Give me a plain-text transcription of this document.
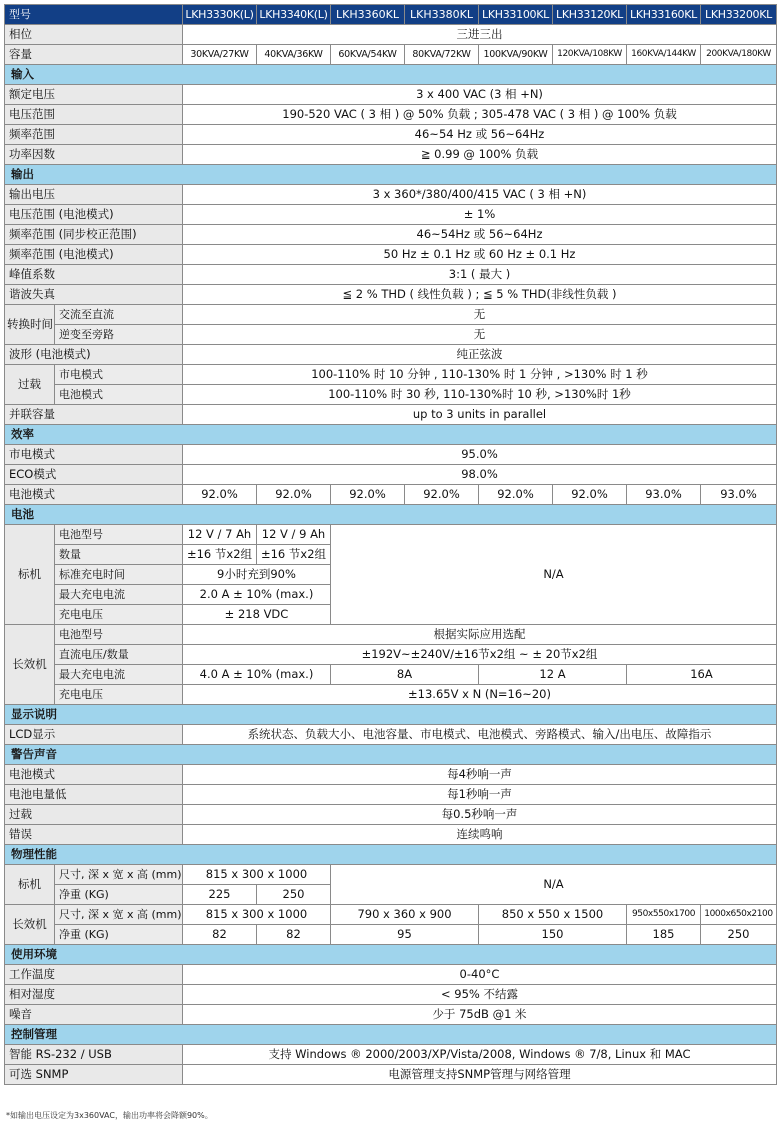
型号		LKH3330K(L)	LKH3340K(L)	LKH3360KL	LKH3380KL	LKH33100KL	LKH33120KL	LKH33160KL	LKH33200KL
相位		三进三出							
容量		30KVA/27KW	40KVA/36KW	60KVA/54KW	80KVA/72KW	100KVA/90KW	120KVA/108KW	160KVA/144KW	200KVA/180KW
输入									
额定电压		3 x 400 VAC (3 相 +N)							
电压范围		190-520 VAC ( 3 相 ) @ 50% 负载 ; 305-478 VAC ( 3 相 ) @ 100% 负载							
频率范围		46~54 Hz 或 56~64Hz							
功率因数		≧ 0.99 @ 100% 负载							
输出									
输出电压		3 x 360*/380/400/415 VAC ( 3 相 +N)							
电压范围 (电池模式)		± 1%							
频率范围 (同步校正范围)		46~54Hz 或 56~64Hz							
频率范围 (电池模式)		50 Hz ± 0.1 Hz 或 60 Hz ± 0.1 Hz							
峰值系数		3:1 ( 最大 )							
谐波失真		≦ 2 % THD ( 线性负载 ) ; ≦ 5 % THD(非线性负载 )							
转换时间	交流至直流	无							
	逆变至旁路	无							
波形 (电池模式)		纯正弦波							
过载	市电模式	100-110% 时 10 分钟 , 110-130% 时 1 分钟 , >130% 时 1 秒							
	电池模式	100-110% 时 30 秒, 110-130%时 10 秒, >130%时 1秒							
并联容量		up to 3 units in parallel							
效率									
市电模式		95.0%							
ECO模式		98.0%							
电池模式		92.0%	92.0%	92.0%	92.0%	92.0%	92.0%	93.0%	93.0%
电池									
标机	电池型号	12 V / 7 Ah	12 V / 9 Ah	N/A					
	数量	±16 节x2组	±16 节x2组						
	标准充电时间	9小时充到90%							
	最大充电电流	2.0 A ± 10% (max.)							
	充电电压	± 218 VDC							
长效机	电池型号	根据实际应用选配							
	直流电压/数量	±192V~±240V/±16节x2组 ~ ± 20节x2组							
	最大充电电流	4.0 A ± 10% (max.)		8A		12 A		16A	
	充电电压	±13.65V x N (N=16~20)							
显示说明									
LCD显示		系统状态、负载大小、电池容量、市电模式、电池模式、旁路模式、输入/出电压、故障指示							
警告声音									
电池模式		每4秒响一声							
电池电量低		每1秒响一声							
过载		每0.5秒响一声							
错误		连续鸣响							
物理性能									
标机	尺寸, 深 x 宽 x 高 (mm)	815 x 300 x 1000		N/A					
	净重 (KG)	225	250						
长效机	尺寸, 深 x 宽 x 高 (mm)	815 x 300 x 1000		790 x 360 x 900		850 x 550 x 1500		950x550x1700	1000x650x2100
	净重 (KG)	82	82	95		150		185	250
使用环境									
工作温度		0-40°C							
相对湿度		< 95% 不结露							
噪音		少于 75dB @1 米							
控制管理									
智能 RS-232 / USB		支持 Windows ® 2000/2003/XP/Vista/2008, Windows ® 7/8, Linux 和 MAC							
可选 SNMP		电源管理支持SNMP管理与网络管理							
*如输出电压设定为3x360VAC，输出功率将会降额90%。
